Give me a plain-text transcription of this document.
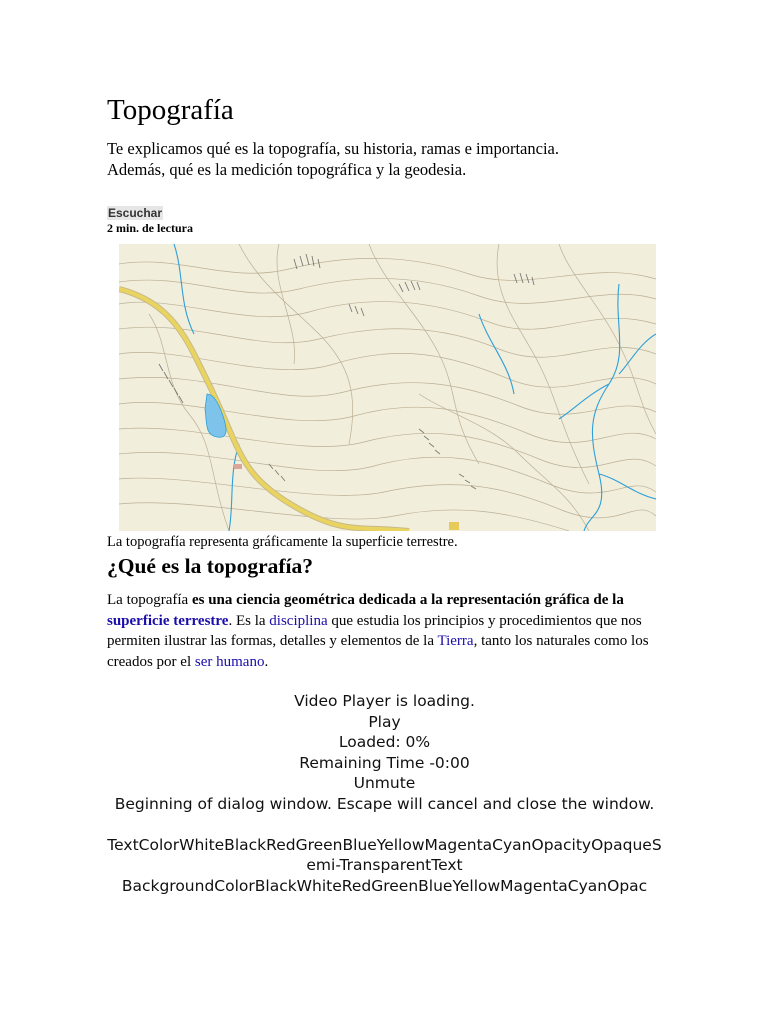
Topografía

Te explicamos qué es la topografía, su historia, ramas e importancia.
Además, qué es la medición topográfica y la geodesia.

Escuchar
2 min. de lectura

La topografía representa gráficamente la superficie terrestre.

¿Qué es la topografía?

La topografía es una ciencia geométrica dedicada a la representación gráfica de la superficie terrestre. Es la disciplina que estudia los principios y procedimientos que nos permiten ilustrar las formas, detalles y elementos de la Tierra, tanto los naturales como los creados por el ser humano.

Video Player is loading.
Play
Loaded: 0%
Remaining Time -0:00
Unmute
Beginning of dialog window. Escape will cancel and close the window.
TextColorWhiteBlackRedGreenBlueYellowMagentaCyanOpacityOpaqueSemi-TransparentText
BackgroundColorBlackWhiteRedGreenBlueYellowMagentaCyanOpac
